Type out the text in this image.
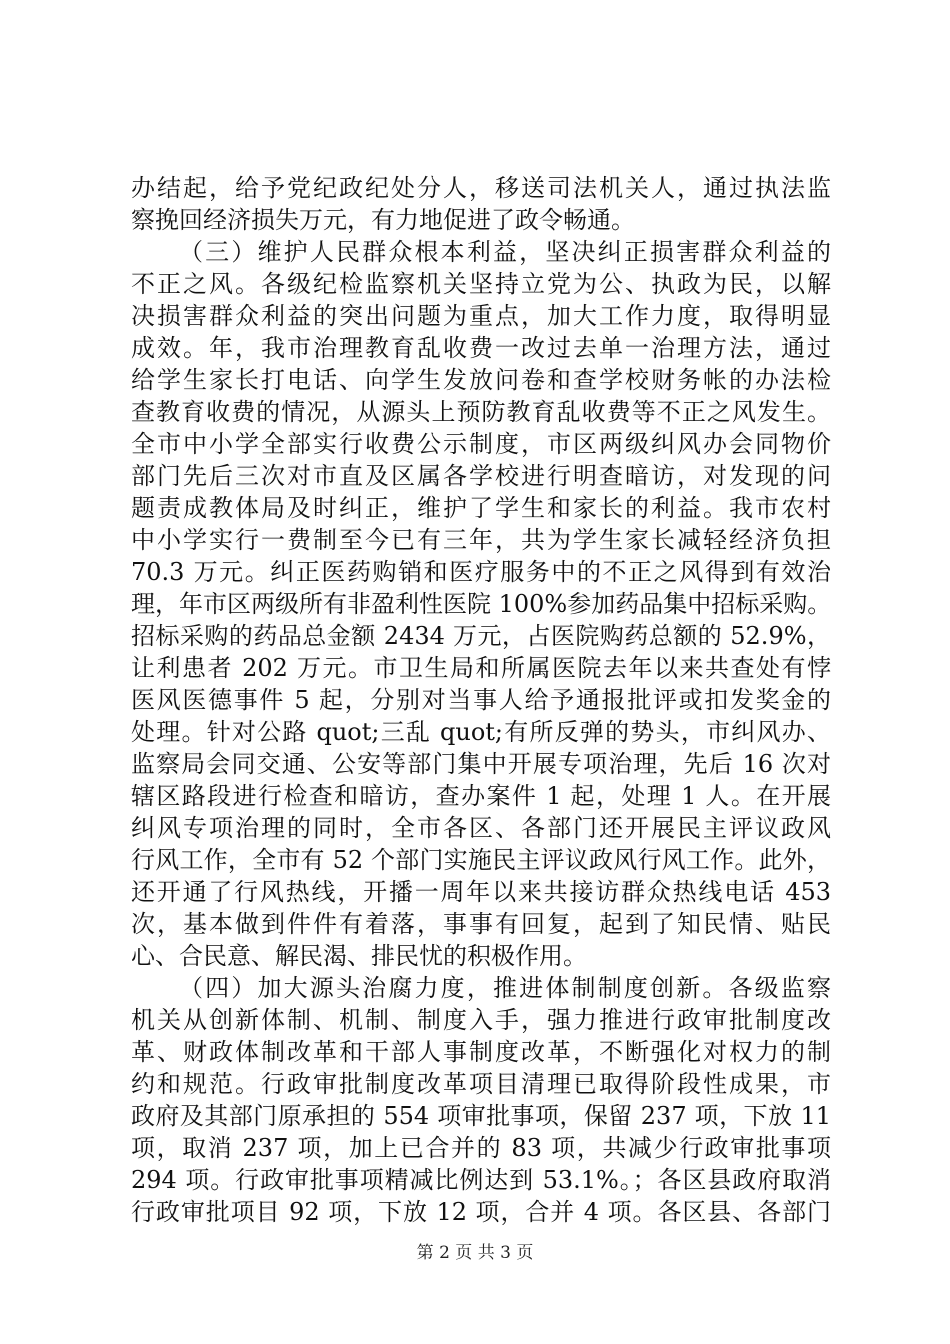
办结起，给予党纪政纪处分人，移送司法机关人，通过执法监
察挽回经济损失万元，有力地促进了政令畅通。
（三）维护人民群众根本利益，坚决纠正损害群众利益的
不正之风。各级纪检监察机关坚持立党为公、执政为民，以解
决损害群众利益的突出问题为重点，加大工作力度，取得明显
成效。年，我市治理教育乱收费一改过去单一治理方法，通过
给学生家长打电话、向学生发放问卷和查学校财务帐的办法检
查教育收费的情况，从源头上预防教育乱收费等不正之风发生。
全市中小学全部实行收费公示制度，市区两级纠风办会同物价
部门先后三次对市直及区属各学校进行明查暗访，对发现的问
题责成教体局及时纠正，维护了学生和家长的利益。我市农村
中小学实行一费制至今已有三年，共为学生家长减轻经济负担
70.3 万元。纠正医药购销和医疗服务中的不正之风得到有效治
理，年市区两级所有非盈利性医院 100%参加药品集中招标采购。
招标采购的药品总金额 2434 万元，占医院购药总额的 52.9%，
让利患者 202 万元。市卫生局和所属医院去年以来共查处有悖
医风医德事件 5 起，分别对当事人给予通报批评或扣发奖金的
处理。针对公路 quot;三乱 quot;有所反弹的势头，市纠风办、
监察局会同交通、公安等部门集中开展专项治理，先后 16 次对
辖区路段进行检查和暗访，查办案件 1 起，处理 1 人。在开展
纠风专项治理的同时，全市各区、各部门还开展民主评议政风
行风工作，全市有 52 个部门实施民主评议政风行风工作。此外，
还开通了行风热线，开播一周年以来共接访群众热线电话 453
次，基本做到件件有着落，事事有回复，起到了知民情、贴民
心、合民意、解民渴、排民忧的积极作用。
（四）加大源头治腐力度，推进体制制度创新。各级监察
机关从创新体制、机制、制度入手，强力推进行政审批制度改
革、财政体制改革和干部人事制度改革，不断强化对权力的制
约和规范。行政审批制度改革项目清理已取得阶段性成果，市
政府及其部门原承担的 554 项审批事项，保留 237 项，下放 11
项，取消 237 项，加上已合并的 83 项，共减少行政审批事项
294 项。行政审批事项精减比例达到 53.1%。；各区县政府取消
行政审批项目 92 项，下放 12 项，合并 4 项。各区县、各部门
第 2 页 共 3 页
